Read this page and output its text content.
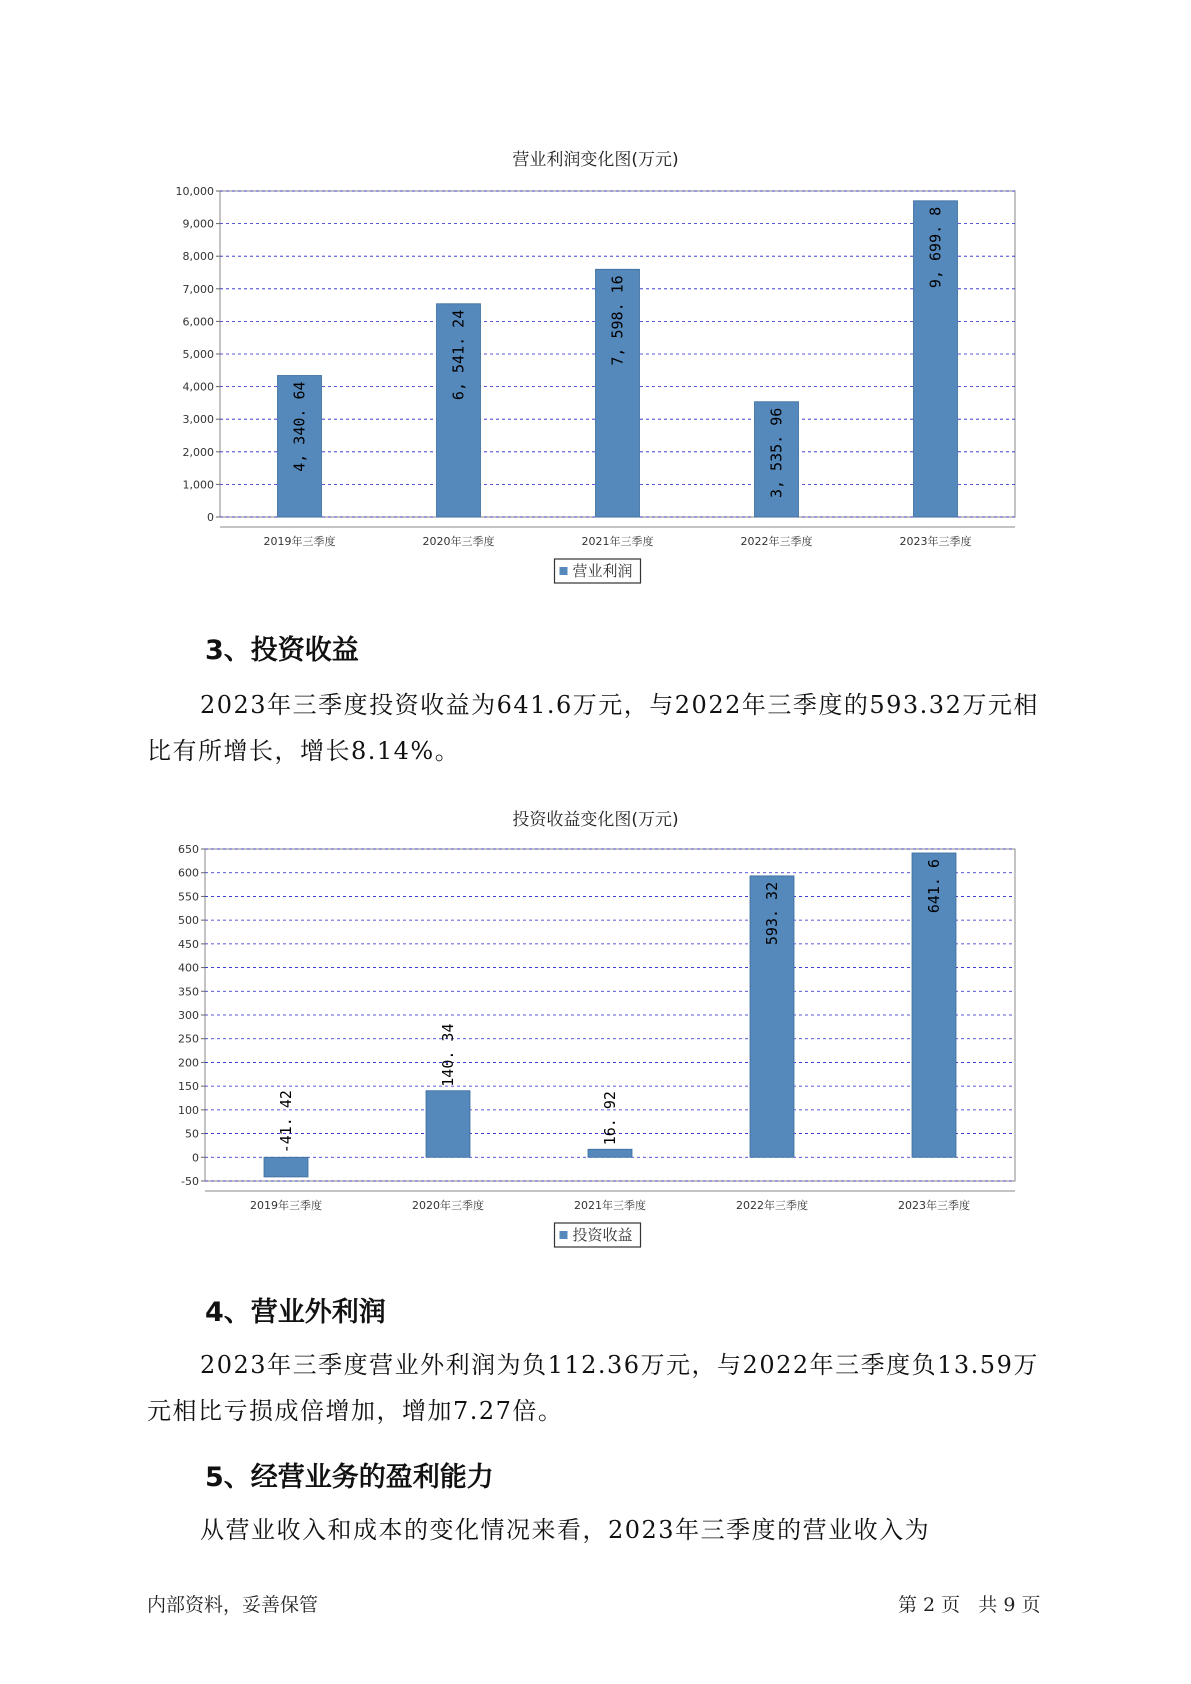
营业利润变化图(万元)
0
1,000
2,000
3,000
4,000
5,000
6,000
7,000
8,000
9,000
10,000
4, 340. 64
2019年三季度
6, 541. 24
2020年三季度
7, 598. 16
2021年三季度
3, 535. 96
2022年三季度
9, 699. 8
2023年三季度
营业利润
3、投资收益
2023年三季度投资收益为641.6万元，与2022年三季度的593.32万元相
比有所增长，增长8.14%。
投资收益变化图(万元)
-50
0
50
100
150
200
250
300
350
400
450
500
550
600
650
-41. 42
2019年三季度
140. 34
2020年三季度
16. 92
2021年三季度
593. 32
2022年三季度
641. 6
2023年三季度
投资收益
4、营业外利润
2023年三季度营业外利润为负112.36万元，与2022年三季度负13.59万
元相比亏损成倍增加，增加7.27倍。
5、经营业务的盈利能力
从营业收入和成本的变化情况来看，2023年三季度的营业收入为
内部资料，妥善保管	第 2 页   共 9 页
